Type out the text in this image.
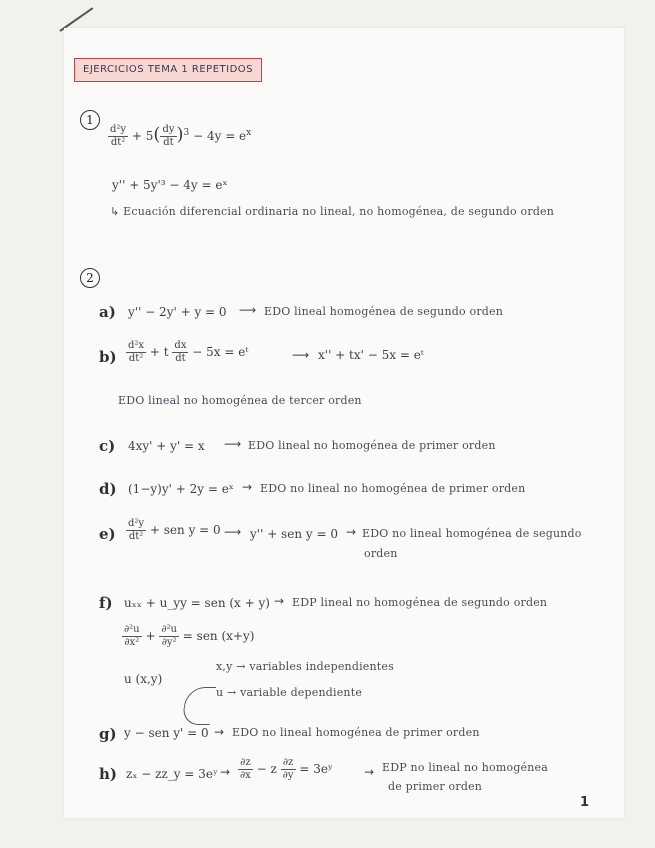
EJERCICIOS TEMA 1 REPETIDOS
1
$\frac{\text{d²y}}{\text{dt²}} + 5( \frac{dy}{dt} )^3 - 4y = e^x$
y'' + 5y'³ − 4y = eˣ
↳ Ecuación diferencial ordinaria no lineal, no homogénea, de segundo orden
2
a) y'' − 2y' + y = 0 ⟶ EDO lineal homogénea de segundo orden
$b) \frac{\text{d²x}}{\text{dt²}} + t \frac{dx}{dt} - 5x$ = eᵗ	⟶ x'' + tx' − 5x = eᵗ
EDO lineal no homogénea de tercer orden
c) 4xy' + y' = x ⟶ EDO lineal no homogénea de primer orden
d) (1−y)y' + 2y = eˣ → EDO no lineal no homogénea de primer orden
$e) \frac{\text{d²y}}{\text{dt²}}$ + sen y = 0 ⟶ y'' + sen y = 0 → EDO no lineal homogénea de segundo
orden
f) uₓₓ + u_yy = sen (x + y) → EDP lineal no homogénea de segundo orden
$\frac{\text{∂²u}}{\text{∂x²}} + \frac{\text{∂²u}}{\text{∂y²}}$ = sen (x+y)
u (x,y)
x,y → variables independientes
u → variable dependiente
g) y − sen y' = 0 → EDO no lineal homogénea de primer orden
h) zₓ − zz_y = 3eʸ → $\frac{\partial z}{\partial x} - z \frac{\partial z}{\partial y}$ = 3eʸ	→ EDP no lineal no homogénea
de primer orden
1
